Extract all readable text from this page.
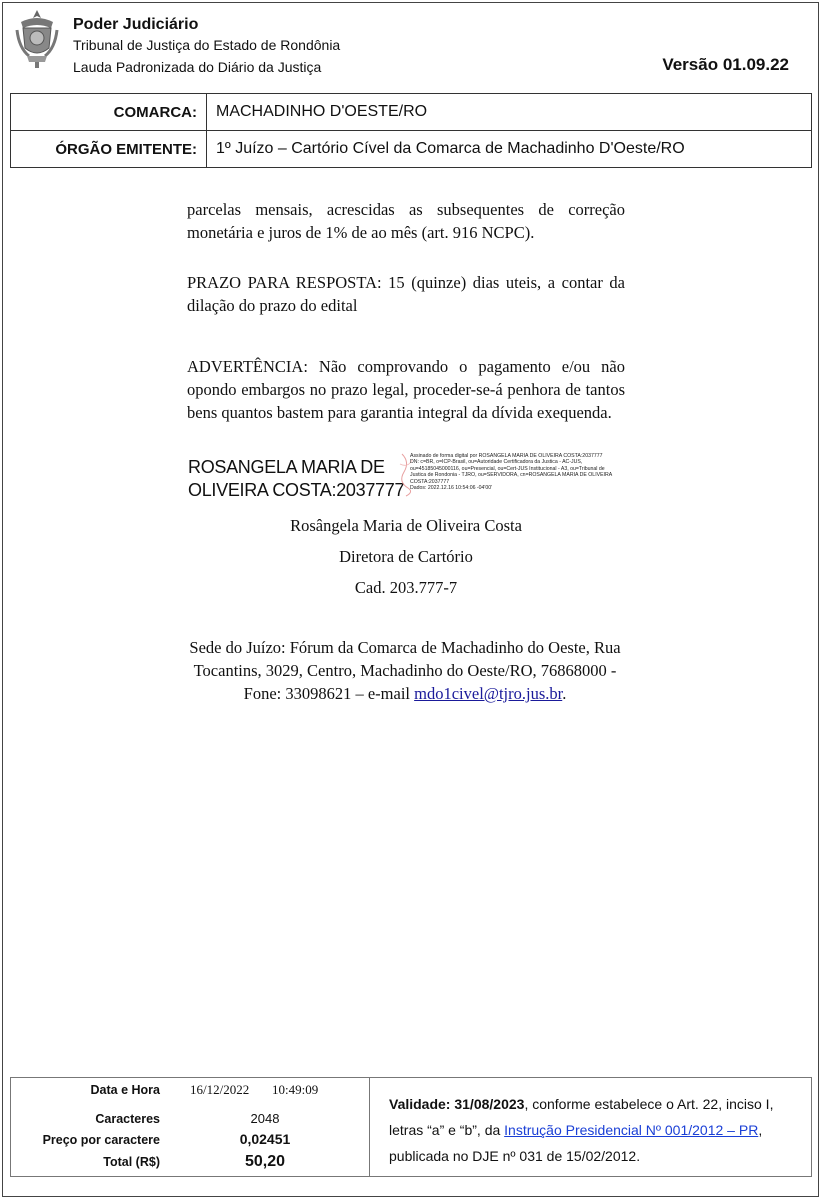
Poder Judiciário
Tribunal de Justiça do Estado de Rondônia
Lauda Padronizada do Diário da Justiça	Versão 01.09.22
COMARCA:	MACHADINHO D'OESTE/RO
ÓRGÃO EMITENTE:	1º Juízo – Cartório Cível da Comarca de Machadinho D'Oeste/RO
parcelas mensais, acrescidas as subsequentes de correção monetária e juros de 1% de ao mês (art. 916 NCPC).
PRAZO PARA RESPOSTA: 15 (quinze) dias uteis, a contar da dilação do prazo do edital
ADVERTÊNCIA: Não comprovando o pagamento e/ou não opondo embargos no prazo legal, proceder-se-á penhora de tantos bens quantos bastem para garantia integral da dívida exequenda.
ROSANGELA MARIA DE
OLIVEIRA COSTA:2037777
Assinado de forma digital por ROSANGELA MARIA DE OLIVEIRA COSTA:2037777
DN: c=BR, o=ICP-Brasil, ou=Autoridade Certificadora da Justica - AC-JUS,
ou=45185045000116, ou=Presencial, ou=Cert-JUS Institucional - A3, ou=Tribunal de
Justica de Rondonia - TJRO, ou=SERVIDORA, cn=ROSANGELA MARIA DE OLIVEIRA
COSTA:2037777
Dados: 2022.12.16 10:54:06 -04'00'
Rosângela Maria de Oliveira Costa
Diretora de Cartório
Cad. 203.777-7
Sede do Juízo: Fórum da Comarca de Machadinho do Oeste, Rua Tocantins, 3029, Centro, Machadinho do Oeste/RO, 76868000 - Fone: 33098621 – e-mail mdo1civel@tjro.jus.br.
Data e Hora 16/12/2022 10:49:09
Caracteres	2048
Preço por caractere	0,02451
Total (R$)	50,20
Validade: 31/08/2023, conforme estabelece o Art. 22, inciso I, letras “a” e “b”, da Instrução Presidencial Nº 001/2012 – PR, publicada no DJE nº 031 de 15/02/2012.
